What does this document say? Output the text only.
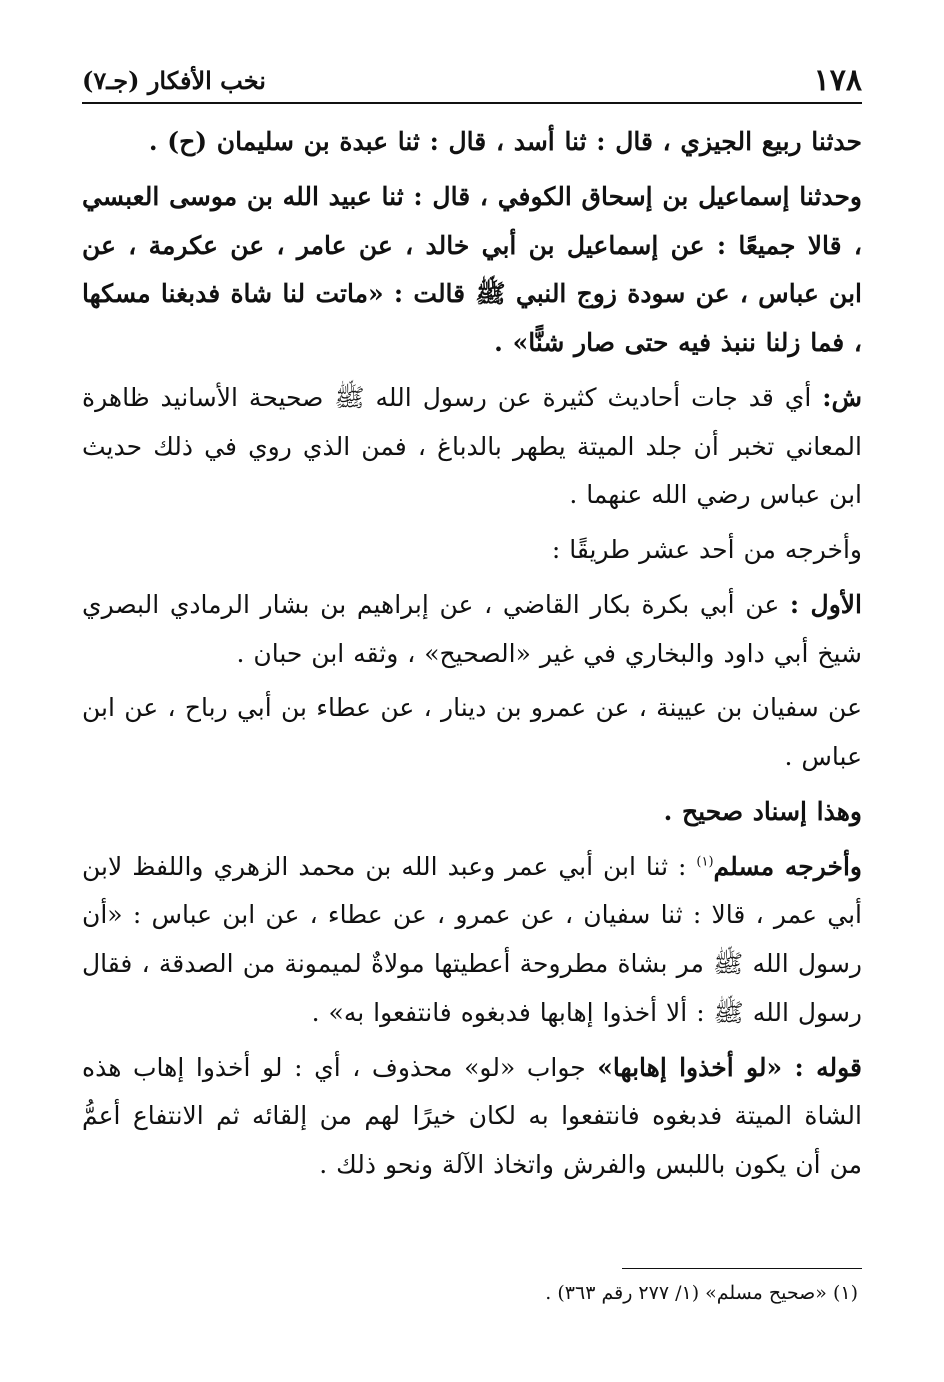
١٧٨
نخب الأفكار (جـ٧)

حدثنا ربيع الجيزي ، قال : ثنا أسد ، قال : ثنا عبدة بن سليمان (ح) .

وحدثنا إسماعيل بن إسحاق الكوفي ، قال : ثنا عبيد الله بن موسى العبسي ، قالا جميعًا : عن إسماعيل بن أبي خالد ، عن عامر ، عن عكرمة ، عن ابن عباس ، عن سودة زوج النبي ﷺ قالت : «ماتت لنا شاة فدبغنا مسكها ، فما زلنا ننبذ فيه حتى صار شنًّا» .

ش: أي قد جات أحاديث كثيرة عن رسول الله ﷺ صحيحة الأسانيد ظاهرة المعاني تخبر أن جلد الميتة يطهر بالدباغ ، فمن الذي روي في ذلك حديث ابن عباس رضي الله عنهما .

وأخرجه من أحد عشر طريقًا :

الأول : عن أبي بكرة بكار القاضي ، عن إبراهيم بن بشار الرمادي البصري شيخ أبي داود والبخاري في غير «الصحيح» ، وثقه ابن حبان .

عن سفيان بن عيينة ، عن عمرو بن دينار ، عن عطاء بن أبي رباح ، عن ابن عباس .

وهذا إسناد صحيح .

وأخرجه مسلم$^{(١)}$ : ثنا ابن أبي عمر وعبد الله بن محمد الزهري واللفظ لابن أبي عمر ، قالا : ثنا سفيان ، عن عمرو ، عن عطاء ، عن ابن عباس : «أن رسول الله ﷺ مر بشاة مطروحة أعطيتها مولاةٌ لميمونة من الصدقة ، فقال رسول الله ﷺ : ألا أخذوا إهابها فدبغوه فانتفعوا به» .

قوله : «لو أخذوا إهابها» جواب «لو» محذوف ، أي : لو أخذوا إهاب هذه الشاة الميتة فدبغوه فانتفعوا به لكان خيرًا لهم من إلقائه ثم الانتفاع أعمُّ من أن يكون باللبس والفرش واتخاذ الآلة ونحو ذلك .

(١) «صحيح مسلم» (١/ ٢٧٧ رقم ٣٦٣) .
